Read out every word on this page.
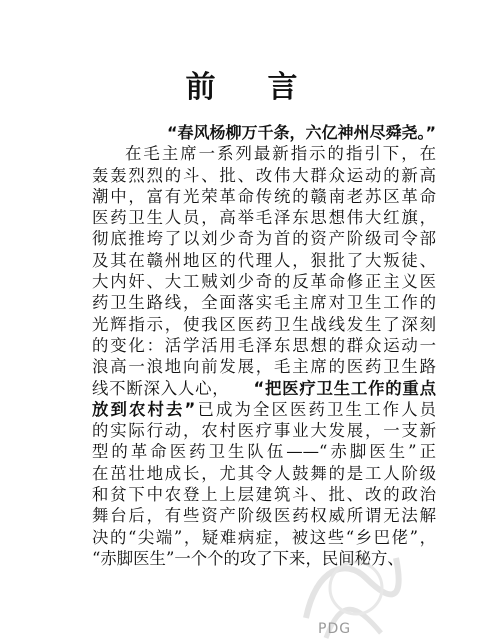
前言
“春风杨柳万千条，六亿神州尽舜尧。”
在毛主席一系列最新指示的指引下，在
轰轰烈烈的斗、批、改伟大群众运动的新高
潮中，富有光荣革命传统的赣南老苏区革命
医药卫生人员，高举毛泽东思想伟大红旗，
彻底推垮了以刘少奇为首的资产阶级司令部
及其在赣州地区的代理人，狠批了大叛徒、
大内奸、大工贼刘少奇的反革命修正主义医
药卫生路线，全面落实毛主席对卫生工作的
光辉指示，使我区医药卫生战线发生了深刻
的变化：活学活用毛泽东思想的群众运动一
浪高一浪地向前发展，毛主席的医药卫生路
线不断深入人心， “把医疗卫生工作的重点
放到农村去”已成为全区医药卫生工作人员
的实际行动，农村医疗事业大发展，一支新
型的革命医药卫生队伍——“赤脚医生”正
在茁壮地成长，尤其令人鼓舞的是工人阶级
和贫下中农登上上层建筑斗、批、改的政治
舞台后，有些资产阶级医药权威所谓无法解
决的“尖端”，疑难病症，被这些“乡巴佬”，
“赤脚医生”一个个的攻了下来，民间秘方、
PDG
